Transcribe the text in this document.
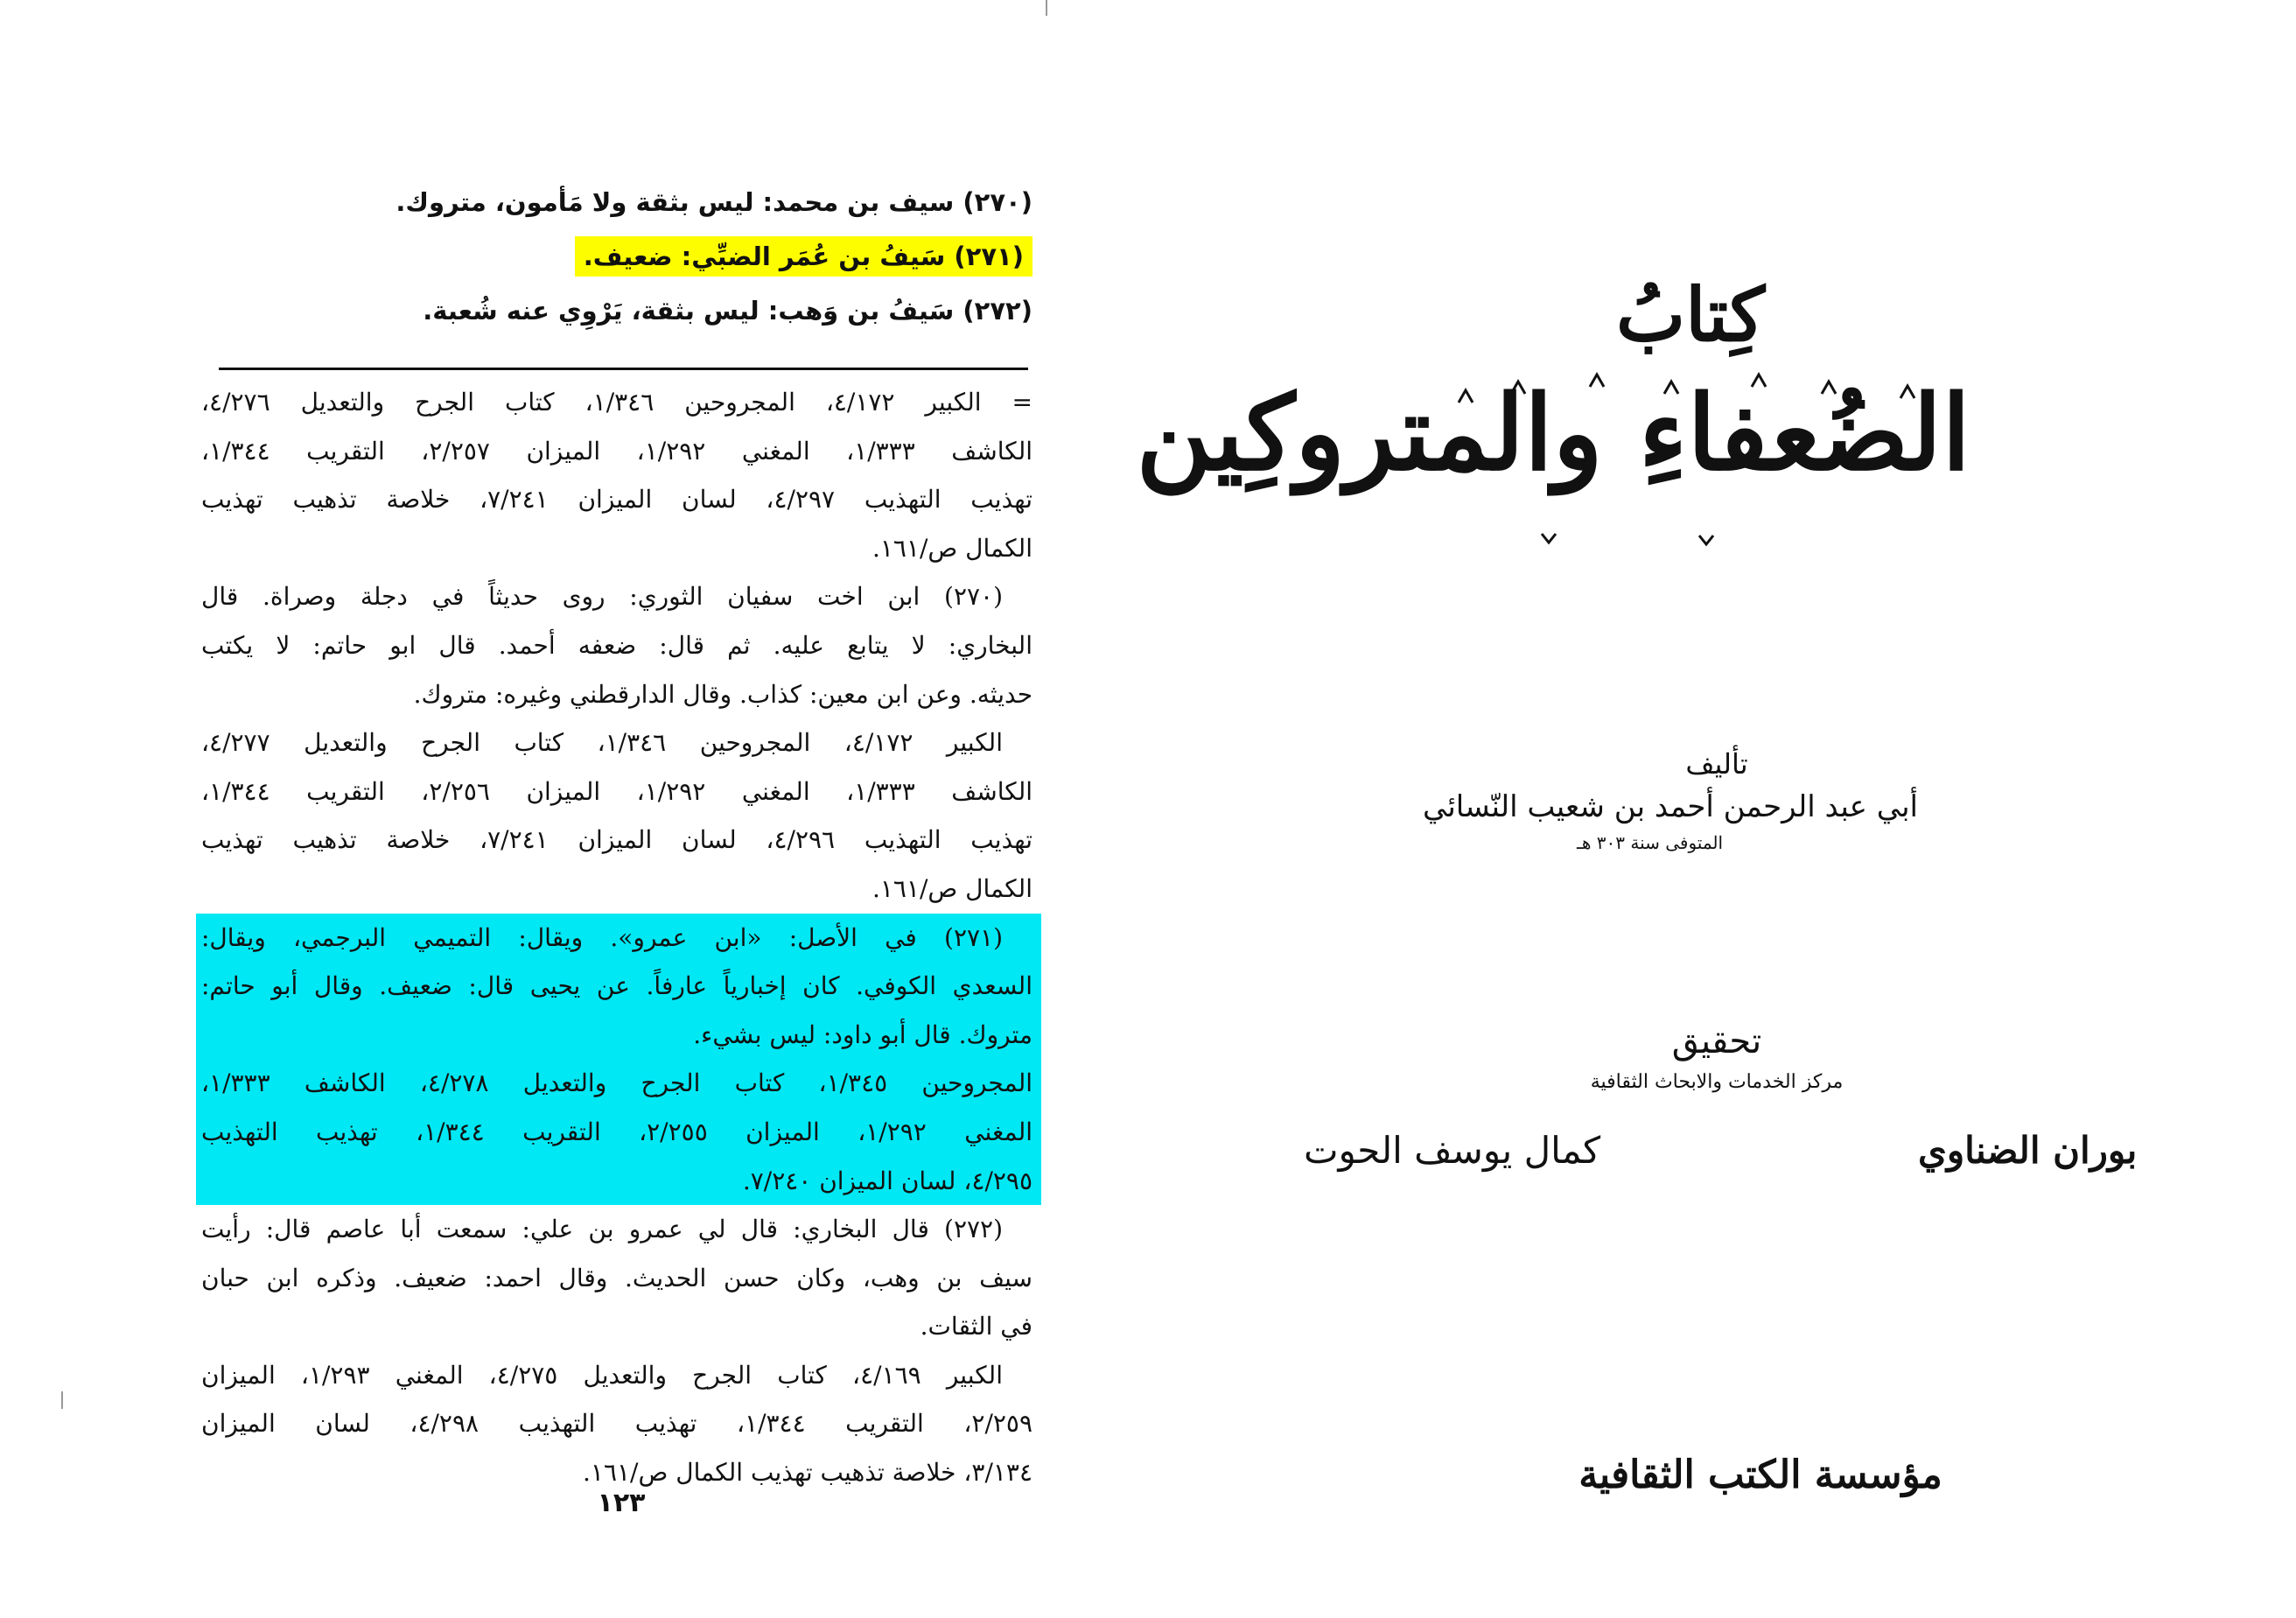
(٢٧٠) سيف بن محمد: ليس بثقة ولا مَأمون، متروك.
(٢٧١) سَيفُ بن عُمَر الضبِّي: ضعيف.
(٢٧٢) سَيفُ بن وَهب: ليس بثقة، يَرْوِي عنه شُعبة.
= الكبير ٤/١٧٢، المجروحين ١/٣٤٦، كتاب الجرح والتعديل ٤/٢٧٦،
الكاشف ١/٣٣٣، المغني ١/٢٩٢، الميزان ٢/٢٥٧، التقريب ١/٣٤٤،
تهذيب التهذيب ٤/٢٩٧، لسان الميزان ٧/٢٤١، خلاصة تذهيب تهذيب
الكمال ص/١٦١.
(٢٧٠) ابن اخت سفيان الثوري: روى حديثاً في دجلة وصراة. قال
البخاري: لا يتابع عليه. ثم قال: ضعفه أحمد. قال ابو حاتم: لا يكتب
حديثه. وعن ابن معين: كذاب. وقال الدارقطني وغيره: متروك.
الكبير ٤/١٧٢، المجروحين ١/٣٤٦، كتاب الجرح والتعديل ٤/٢٧٧،
الكاشف ١/٣٣٣، المغني ١/٢٩٢، الميزان ٢/٢٥٦، التقريب ١/٣٤٤،
تهذيب التهذيب ٤/٢٩٦، لسان الميزان ٧/٢٤١، خلاصة تذهيب تهذيب
الكمال ص/١٦١.
(٢٧١) في الأصل: «ابن عمرو». ويقال: التميمي البرجمي، ويقال:
السعدي الكوفي. كان إخبارياً عارفاً. عن يحيى قال: ضعيف. وقال أبو حاتم:
متروك. قال أبو داود: ليس بشيء.
المجروحين ١/٣٤٥، كتاب الجرح والتعديل ٤/٢٧٨، الكاشف ١/٣٣٣،
المغني ١/٢٩٢، الميزان ٢/٢٥٥، التقريب ١/٣٤٤، تهذيب التهذيب
٤/٢٩٥، لسان الميزان ٧/٢٤٠.
(٢٧٢) قال البخاري: قال لي عمرو بن علي: سمعت أبا عاصم قال: رأيت
سيف بن وهب، وكان حسن الحديث. وقال احمد: ضعيف. وذكره ابن حبان
في الثقات.
الكبير ٤/١٦٩، كتاب الجرح والتعديل ٤/٢٧٥، المغني ١/٢٩٣، الميزان
٢/٢٥٩، التقريب ١/٣٤٤، تهذيب التهذيب ٤/٢٩٨، لسان الميزان
٣/١٣٤، خلاصة تذهيب تهذيب الكمال ص/١٦١.
١٢٣
كِتابُ
الضُعفاءِ والمتروكِين
تأليف
أبي عبد الرحمن أحمد بن شعيب النّسائي
المتوفى سنة ٣٠٣ هـ
تحقيق
مركز الخدمات والابحاث الثقافية
بوران الضناوي
كمال يوسف الحوت
مؤسسة الكتب الثقافية
